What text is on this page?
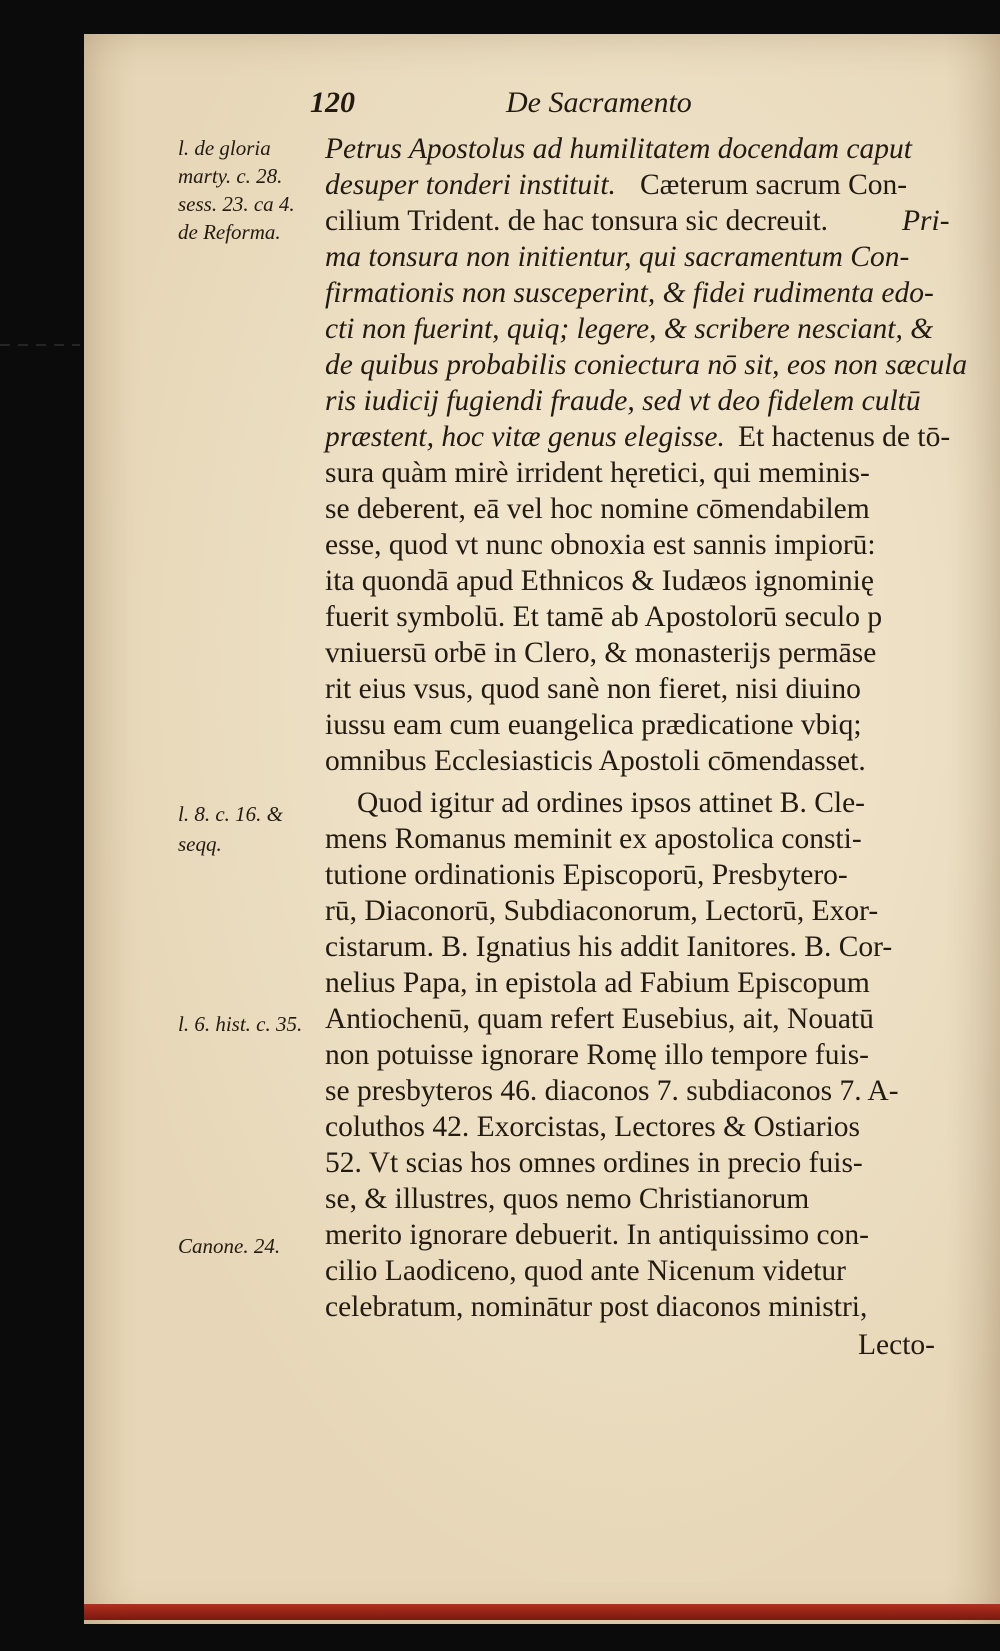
120	De Sacramento
l. de gloria
marty. c. 28.
sess. 23. ca 4.
de Reforma.
l. 8. c. 16. &
seqq.
l. 6. hist. c. 35.
Canone. 24.
Petrus Apostolus ad humilitatem docendam caput
desuper tonderi instituit. Cæterum sacrum Con-
cilium Trident. de hac tonsura sic decreuit.	Pri-
ma tonsura non initientur, qui sacramentum Con-
firmationis non susceperint, & fidei rudimenta edo-
cti non fuerint, quiq; legere, & scribere nesciant, &
de quibus probabilis coniectura nō sit, eos non sæcula
ris iudicij fugiendi fraude, sed vt deo fidelem cultū
præstent, hoc vitæ genus elegisse. Et hactenus de tō-
sura quàm mirè irrident hęretici, qui meminis-
se deberent, eā vel hoc nomine cōmendabilem
esse, quod vt nunc obnoxia est sannis impiorū:
ita quondā apud Ethnicos & Iudæos ignominię
fuerit symbolū. Et tamē ab Apostolorū seculo p
vniuersū orbē in Clero, & monasterijs permāse
rit eius vsus, quod sanè non fieret, nisi diuino
iussu eam cum euangelica prædicatione vbiq;
omnibus Ecclesiasticis Apostoli cōmendasset.
Quod igitur ad ordines ipsos attinet B. Cle-
mens Romanus meminit ex apostolica consti-
tutione ordinationis Episcoporū, Presbytero-
rū, Diaconorū, Subdiaconorum, Lectorū, Exor-
cistarum. B. Ignatius his addit Ianitores. B. Cor-
nelius Papa, in epistola ad Fabium Episcopum
Antiochenū, quam refert Eusebius, ait, Nouatū
non potuisse ignorare Romę illo tempore fuis-
se presbyteros 46. diaconos 7. subdiaconos 7. A-
coluthos 42. Exorcistas, Lectores & Ostiarios
52. Vt scias hos omnes ordines in precio fuis-
se, & illustres, quos nemo Christianorum
merito ignorare debuerit. In antiquissimo con-
cilio Laodiceno, quod ante Nicenum videtur
celebratum, nominātur post diaconos ministri,
Lecto-
